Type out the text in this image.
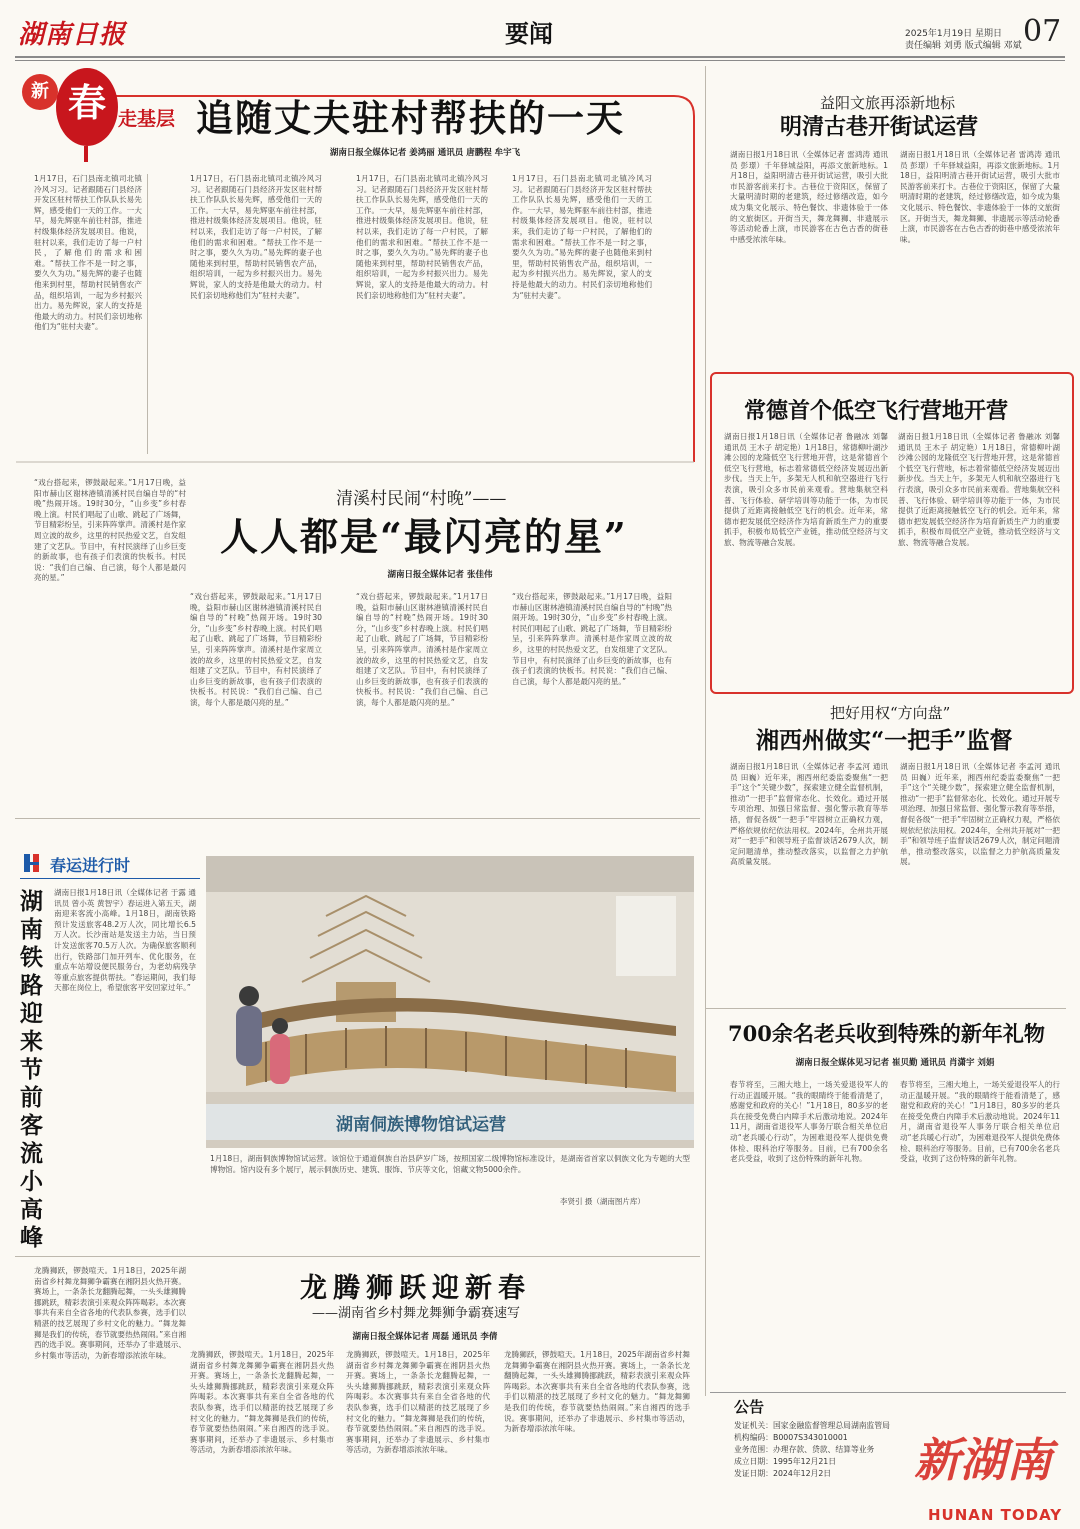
湖南日报	要闻	2025年1月19日 星期日
责任编辑 刘勇 版式编辑 邓斌 07
新 春 走基层 追随丈夫驻村帮扶的一天
湖南日报全媒体记者 姜鸿丽 通讯员 唐鹏程 牟宇飞
1月17日，石门县南北镇司北镇冷风习习。记者跟随石门县经济开发区驻村帮扶工作队队长易先辉，感受他们一天的工作。一大早，易先辉驱车前往村部，推进村级集体经济发展项目。他说，驻村以来，我们走访了每一户村民，了解他们的需求和困难。“帮扶工作不是一时之事，要久久为功。”易先辉的妻子也随他来到村里，帮助村民销售农产品，组织培训，一起为乡村振兴出力。易先辉说，家人的支持是他最大的动力。村民们亲切地称他们为“驻村夫妻”。
1月17日，石门县南北镇司北镇冷风习习。记者跟随石门县经济开发区驻村帮扶工作队队长易先辉，感受他们一天的工作。一大早，易先辉驱车前往村部，推进村级集体经济发展项目。他说，驻村以来，我们走访了每一户村民，了解他们的需求和困难。“帮扶工作不是一时之事，要久久为功。”易先辉的妻子也随他来到村里，帮助村民销售农产品，组织培训，一起为乡村振兴出力。易先辉说，家人的支持是他最大的动力。村民们亲切地称他们为“驻村夫妻”。
1月17日，石门县南北镇司北镇冷风习习。记者跟随石门县经济开发区驻村帮扶工作队队长易先辉，感受他们一天的工作。一大早，易先辉驱车前往村部，推进村级集体经济发展项目。他说，驻村以来，我们走访了每一户村民，了解他们的需求和困难。“帮扶工作不是一时之事，要久久为功。”易先辉的妻子也随他来到村里，帮助村民销售农产品，组织培训，一起为乡村振兴出力。易先辉说，家人的支持是他最大的动力。村民们亲切地称他们为“驻村夫妻”。
1月17日，石门县南北镇司北镇冷风习习。记者跟随石门县经济开发区驻村帮扶工作队队长易先辉，感受他们一天的工作。一大早，易先辉驱车前往村部，推进村级集体经济发展项目。他说，驻村以来，我们走访了每一户村民，了解他们的需求和困难。“帮扶工作不是一时之事，要久久为功。”易先辉的妻子也随他来到村里，帮助村民销售农产品，组织培训，一起为乡村振兴出力。易先辉说，家人的支持是他最大的动力。村民们亲切地称他们为“驻村夫妻”。
清溪村民闹“村晚”——
人人都是“最闪亮的星”
湖南日报全媒体记者 张佳伟
“戏台搭起来，锣鼓敲起来。”1月17日晚，益阳市赫山区谢林港镇清溪村民自编自导的“村晚”热闹开场。19时30分，“山乡变”乡村春晚上演。村民们唱起了山歌、跳起了广场舞，节目精彩纷呈，引来阵阵掌声。清溪村是作家周立波的故乡，这里的村民热爱文艺，自发组建了文艺队。节目中，有村民演绎了山乡巨变的新故事，也有孩子们表演的快板书。村民说：“我们自己编、自己演，每个人都是最闪亮的星。”
“戏台搭起来，锣鼓敲起来。”1月17日晚，益阳市赫山区谢林港镇清溪村民自编自导的“村晚”热闹开场。19时30分，“山乡变”乡村春晚上演。村民们唱起了山歌、跳起了广场舞，节目精彩纷呈，引来阵阵掌声。清溪村是作家周立波的故乡，这里的村民热爱文艺，自发组建了文艺队。节目中，有村民演绎了山乡巨变的新故事，也有孩子们表演的快板书。村民说：“我们自己编、自己演，每个人都是最闪亮的星。”
“戏台搭起来，锣鼓敲起来。”1月17日晚，益阳市赫山区谢林港镇清溪村民自编自导的“村晚”热闹开场。19时30分，“山乡变”乡村春晚上演。村民们唱起了山歌、跳起了广场舞，节目精彩纷呈，引来阵阵掌声。清溪村是作家周立波的故乡，这里的村民热爱文艺，自发组建了文艺队。节目中，有村民演绎了山乡巨变的新故事，也有孩子们表演的快板书。村民说：“我们自己编、自己演，每个人都是最闪亮的星。”
“戏台搭起来，锣鼓敲起来。”1月17日晚，益阳市赫山区谢林港镇清溪村民自编自导的“村晚”热闹开场。19时30分，“山乡变”乡村春晚上演。村民们唱起了山歌、跳起了广场舞，节目精彩纷呈，引来阵阵掌声。清溪村是作家周立波的故乡，这里的村民热爱文艺，自发组建了文艺队。节目中，有村民演绎了山乡巨变的新故事，也有孩子们表演的快板书。村民说：“我们自己编、自己演，每个人都是最闪亮的星。”
益阳文旅再添新地标
明清古巷开街试运营
湖南日报1月18日讯（全媒体记者 雷鸿涛 通讯员 彭璟）千年驿城益阳，再添文旅新地标。1月18日，益阳明清古巷开街试运营，吸引大批市民游客前来打卡。古巷位于资阳区，保留了大量明清时期的老建筑，经过修缮改造，如今成为集文化展示、特色餐饮、非遗体验于一体的文旅街区。开街当天，舞龙舞狮、非遗展示等活动轮番上演，市民游客在古色古香的街巷中感受浓浓年味。
湖南日报1月18日讯（全媒体记者 雷鸿涛 通讯员 彭璟）千年驿城益阳，再添文旅新地标。1月18日，益阳明清古巷开街试运营，吸引大批市民游客前来打卡。古巷位于资阳区，保留了大量明清时期的老建筑，经过修缮改造，如今成为集文化展示、特色餐饮、非遗体验于一体的文旅街区。开街当天，舞龙舞狮、非遗展示等活动轮番上演，市民游客在古色古香的街巷中感受浓浓年味。
常德首个低空飞行营地开营
湖南日报1月18日讯（全媒体记者 鲁融冰 刘馨 通讯员 王木子 胡定艳）1月18日，常德柳叶湖沙滩公园的龙隆低空飞行营地开营，这是常德首个低空飞行营地，标志着常德低空经济发展迈出新步伐。当天上午，多架无人机和航空器进行飞行表演，吸引众多市民前来观看。营地集航空科普、飞行体验、研学培训等功能于一体，为市民提供了近距离接触低空飞行的机会。近年来，常德市把发展低空经济作为培育新质生产力的重要抓手，积极布局低空产业链，推动低空经济与文旅、物流等融合发展。
湖南日报1月18日讯（全媒体记者 鲁融冰 刘馨 通讯员 王木子 胡定艳）1月18日，常德柳叶湖沙滩公园的龙隆低空飞行营地开营，这是常德首个低空飞行营地，标志着常德低空经济发展迈出新步伐。当天上午，多架无人机和航空器进行飞行表演，吸引众多市民前来观看。营地集航空科普、飞行体验、研学培训等功能于一体，为市民提供了近距离接触低空飞行的机会。近年来，常德市把发展低空经济作为培育新质生产力的重要抓手，积极布局低空产业链，推动低空经济与文旅、物流等融合发展。
把好用权“方向盘”
湘西州做实“一把手”监督
湖南日报1月18日讯（全媒体记者 李孟河 通讯员 田巍）近年来，湘西州纪委监委聚焦“一把手”这个“关键少数”，探索建立健全监督机制，推动“一把手”监督常态化、长效化。通过开展专项治理、加强日常监督、强化警示教育等举措，督促各级“一把手”牢固树立正确权力观，严格依规依纪依法用权。2024年，全州共开展对“一把手”和领导班子监督谈话2679人次，制定问题清单，推动整改落实，以监督之力护航高质量发展。
湖南日报1月18日讯（全媒体记者 李孟河 通讯员 田巍）近年来，湘西州纪委监委聚焦“一把手”这个“关键少数”，探索建立健全监督机制，推动“一把手”监督常态化、长效化。通过开展专项治理、加强日常监督、强化警示教育等举措，督促各级“一把手”牢固树立正确权力观，严格依规依纪依法用权。2024年，全州共开展对“一把手”和领导班子监督谈话2679人次，制定问题清单，推动整改落实，以监督之力护航高质量发展。
700余名老兵收到特殊的新年礼物
湖南日报全媒体见习记者 崔贝勤 通讯员 肖潇宇 刘娟
春节将至，三湘大地上，一场关爱退役军人的行动正温暖开展。“我的眼睛终于能看清楚了，感谢党和政府的关心！”1月18日，80多岁的老兵在接受免费白内障手术后激动地说。2024年11月，湖南省退役军人事务厅联合相关单位启动“老兵暖心行动”，为困难退役军人提供免费体检、眼科治疗等服务。目前，已有700余名老兵受益，收到了这份特殊的新年礼物。
春节将至，三湘大地上，一场关爱退役军人的行动正温暖开展。“我的眼睛终于能看清楚了，感谢党和政府的关心！”1月18日，80多岁的老兵在接受免费白内障手术后激动地说。2024年11月，湖南省退役军人事务厅联合相关单位启动“老兵暖心行动”，为困难退役军人提供免费体检、眼科治疗等服务。目前，已有700余名老兵受益，收到了这份特殊的新年礼物。
春运进行时
湖南铁路迎来节前客流小高峰
湖南日报1月18日讯（全媒体记者 于露 通讯员 曾小英 黄智宇）春运进入第五天，湖南迎来客流小高峰。1月18日，湖南铁路预计发送旅客48.2万人次，同比增长6.5万人次。长沙南站是发送主力站，当日预计发送旅客70.5万人次。为确保旅客顺利出行，铁路部门加开列车、优化服务，在重点车站增设便民服务台，为老幼病残孕等重点旅客提供帮扶。“春运期间，我们每天都在岗位上，希望旅客平安回家过年。”
湖南侗族博物馆试运营
1月18日，湖南侗族博物馆试运营。该馆位于通道侗族自治县萨岁广场，按照国家二级博物馆标准设计，是湖南省首家以侗族文化为专题的大型博物馆。馆内设有多个展厅，展示侗族历史、建筑、服饰、节庆等文化，馆藏文物5000余件。
李贤引 摄（湖南图片库）
龙腾狮跃迎新春
——湖南省乡村舞龙舞狮争霸赛速写
湖南日报全媒体记者 周磊 通讯员 李倩
龙腾狮跃，锣鼓喧天。1月18日，2025年湖南省乡村舞龙舞狮争霸赛在湘阴县火热开赛。赛场上，一条条长龙翻腾起舞，一头头雄狮腾挪跳跃，精彩表演引来观众阵阵喝彩。本次赛事共有来自全省各地的代表队参赛，选手们以精湛的技艺展现了乡村文化的魅力。“舞龙舞狮是我们的传统，春节就要热热闹闹。”来自湘西的选手说。赛事期间，还举办了非遗展示、乡村集市等活动，为新春增添浓浓年味。	龙腾狮跃，锣鼓喧天。1月18日，2025年湖南省乡村舞龙舞狮争霸赛在湘阴县火热开赛。赛场上，一条条长龙翻腾起舞，一头头雄狮腾挪跳跃，精彩表演引来观众阵阵喝彩。本次赛事共有来自全省各地的代表队参赛，选手们以精湛的技艺展现了乡村文化的魅力。“舞龙舞狮是我们的传统，春节就要热热闹闹。”来自湘西的选手说。赛事期间，还举办了非遗展示、乡村集市等活动，为新春增添浓浓年味。
龙腾狮跃，锣鼓喧天。1月18日，2025年湖南省乡村舞龙舞狮争霸赛在湘阴县火热开赛。赛场上，一条条长龙翻腾起舞，一头头雄狮腾挪跳跃，精彩表演引来观众阵阵喝彩。本次赛事共有来自全省各地的代表队参赛，选手们以精湛的技艺展现了乡村文化的魅力。“舞龙舞狮是我们的传统，春节就要热热闹闹。”来自湘西的选手说。赛事期间，还举办了非遗展示、乡村集市等活动，为新春增添浓浓年味。
龙腾狮跃，锣鼓喧天。1月18日，2025年湖南省乡村舞龙舞狮争霸赛在湘阴县火热开赛。赛场上，一条条长龙翻腾起舞，一头头雄狮腾挪跳跃，精彩表演引来观众阵阵喝彩。本次赛事共有来自全省各地的代表队参赛，选手们以精湛的技艺展现了乡村文化的魅力。“舞龙舞狮是我们的传统，春节就要热热闹闹。”来自湘西的选手说。赛事期间，还举办了非遗展示、乡村集市等活动，为新春增添浓浓年味。
公告
发证机关：国家金融监督管理总局湖南监管局
机构编码：B0007S343010001
业务范围：办理存款、贷款、结算等业务
成立日期：1995年12月21日
发证日期：2024年12月2日	新湖南
HUNAN TODAY
